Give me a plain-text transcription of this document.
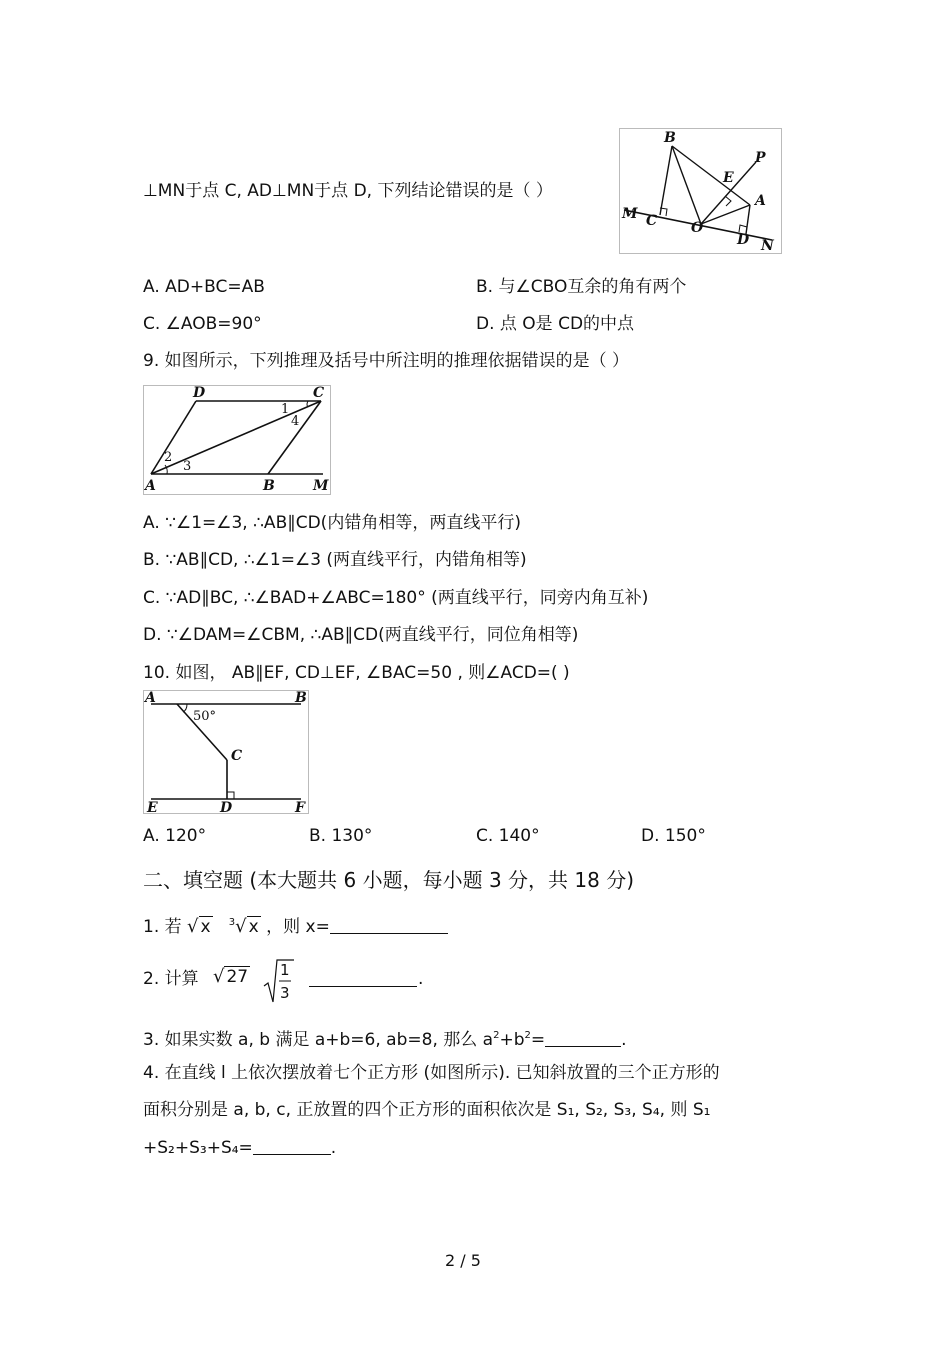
⊥MN于点 C, AD⊥MN于点 D, 下列结论错误的是（ ）
B
E
P
A
M C O
D N
A. AD+BC=AB	B. 与∠CBO互余的角有两个
C. ∠AOB=90°	D. 点 O是 CD的中点
9. 如图所示，下列推理及括号中所注明的推理依据错误的是（ ）
D	C
1
4
2
3
A	B	M
A. ∵∠1=∠3, ∴AB∥CD(内错角相等，两直线平行)
B. ∵AB∥CD, ∴∠1=∠3 (两直线平行，内错角相等)
C. ∵AD∥BC, ∴∠BAD+∠ABC=180° (两直线平行，同旁内角互补)
D. ∵∠DAM=∠CBM, ∴AB∥CD(两直线平行，同位角相等)
10. 如图， AB∥EF, CD⊥EF, ∠BAC=50 , 则∠ACD=( )
A	B
50°
C
E	D	F
A. 120°	B. 130°	C. 140°	D. 150°
二、填空题 (本大题共 6 小题，每小题 3 分，共 18 分)
1. 若 √ x $^3$√ x ，则 x=
2. 计算 √ 27 1
3
.
3. 如果实数 a, b 满足 a+b=6, ab=8, 那么 $a^2+b^2=$	.
4. 在直线 l 上依次摆放着七个正方形 (如图所示). 已知斜放置的三个正方形的
面积分别是 a, b, c, 正放置的四个正方形的面积依次是 S₁, S₂, S₃, S₄, 则 S₁
+S₂+S₃+S₄=	.
2 / 5
